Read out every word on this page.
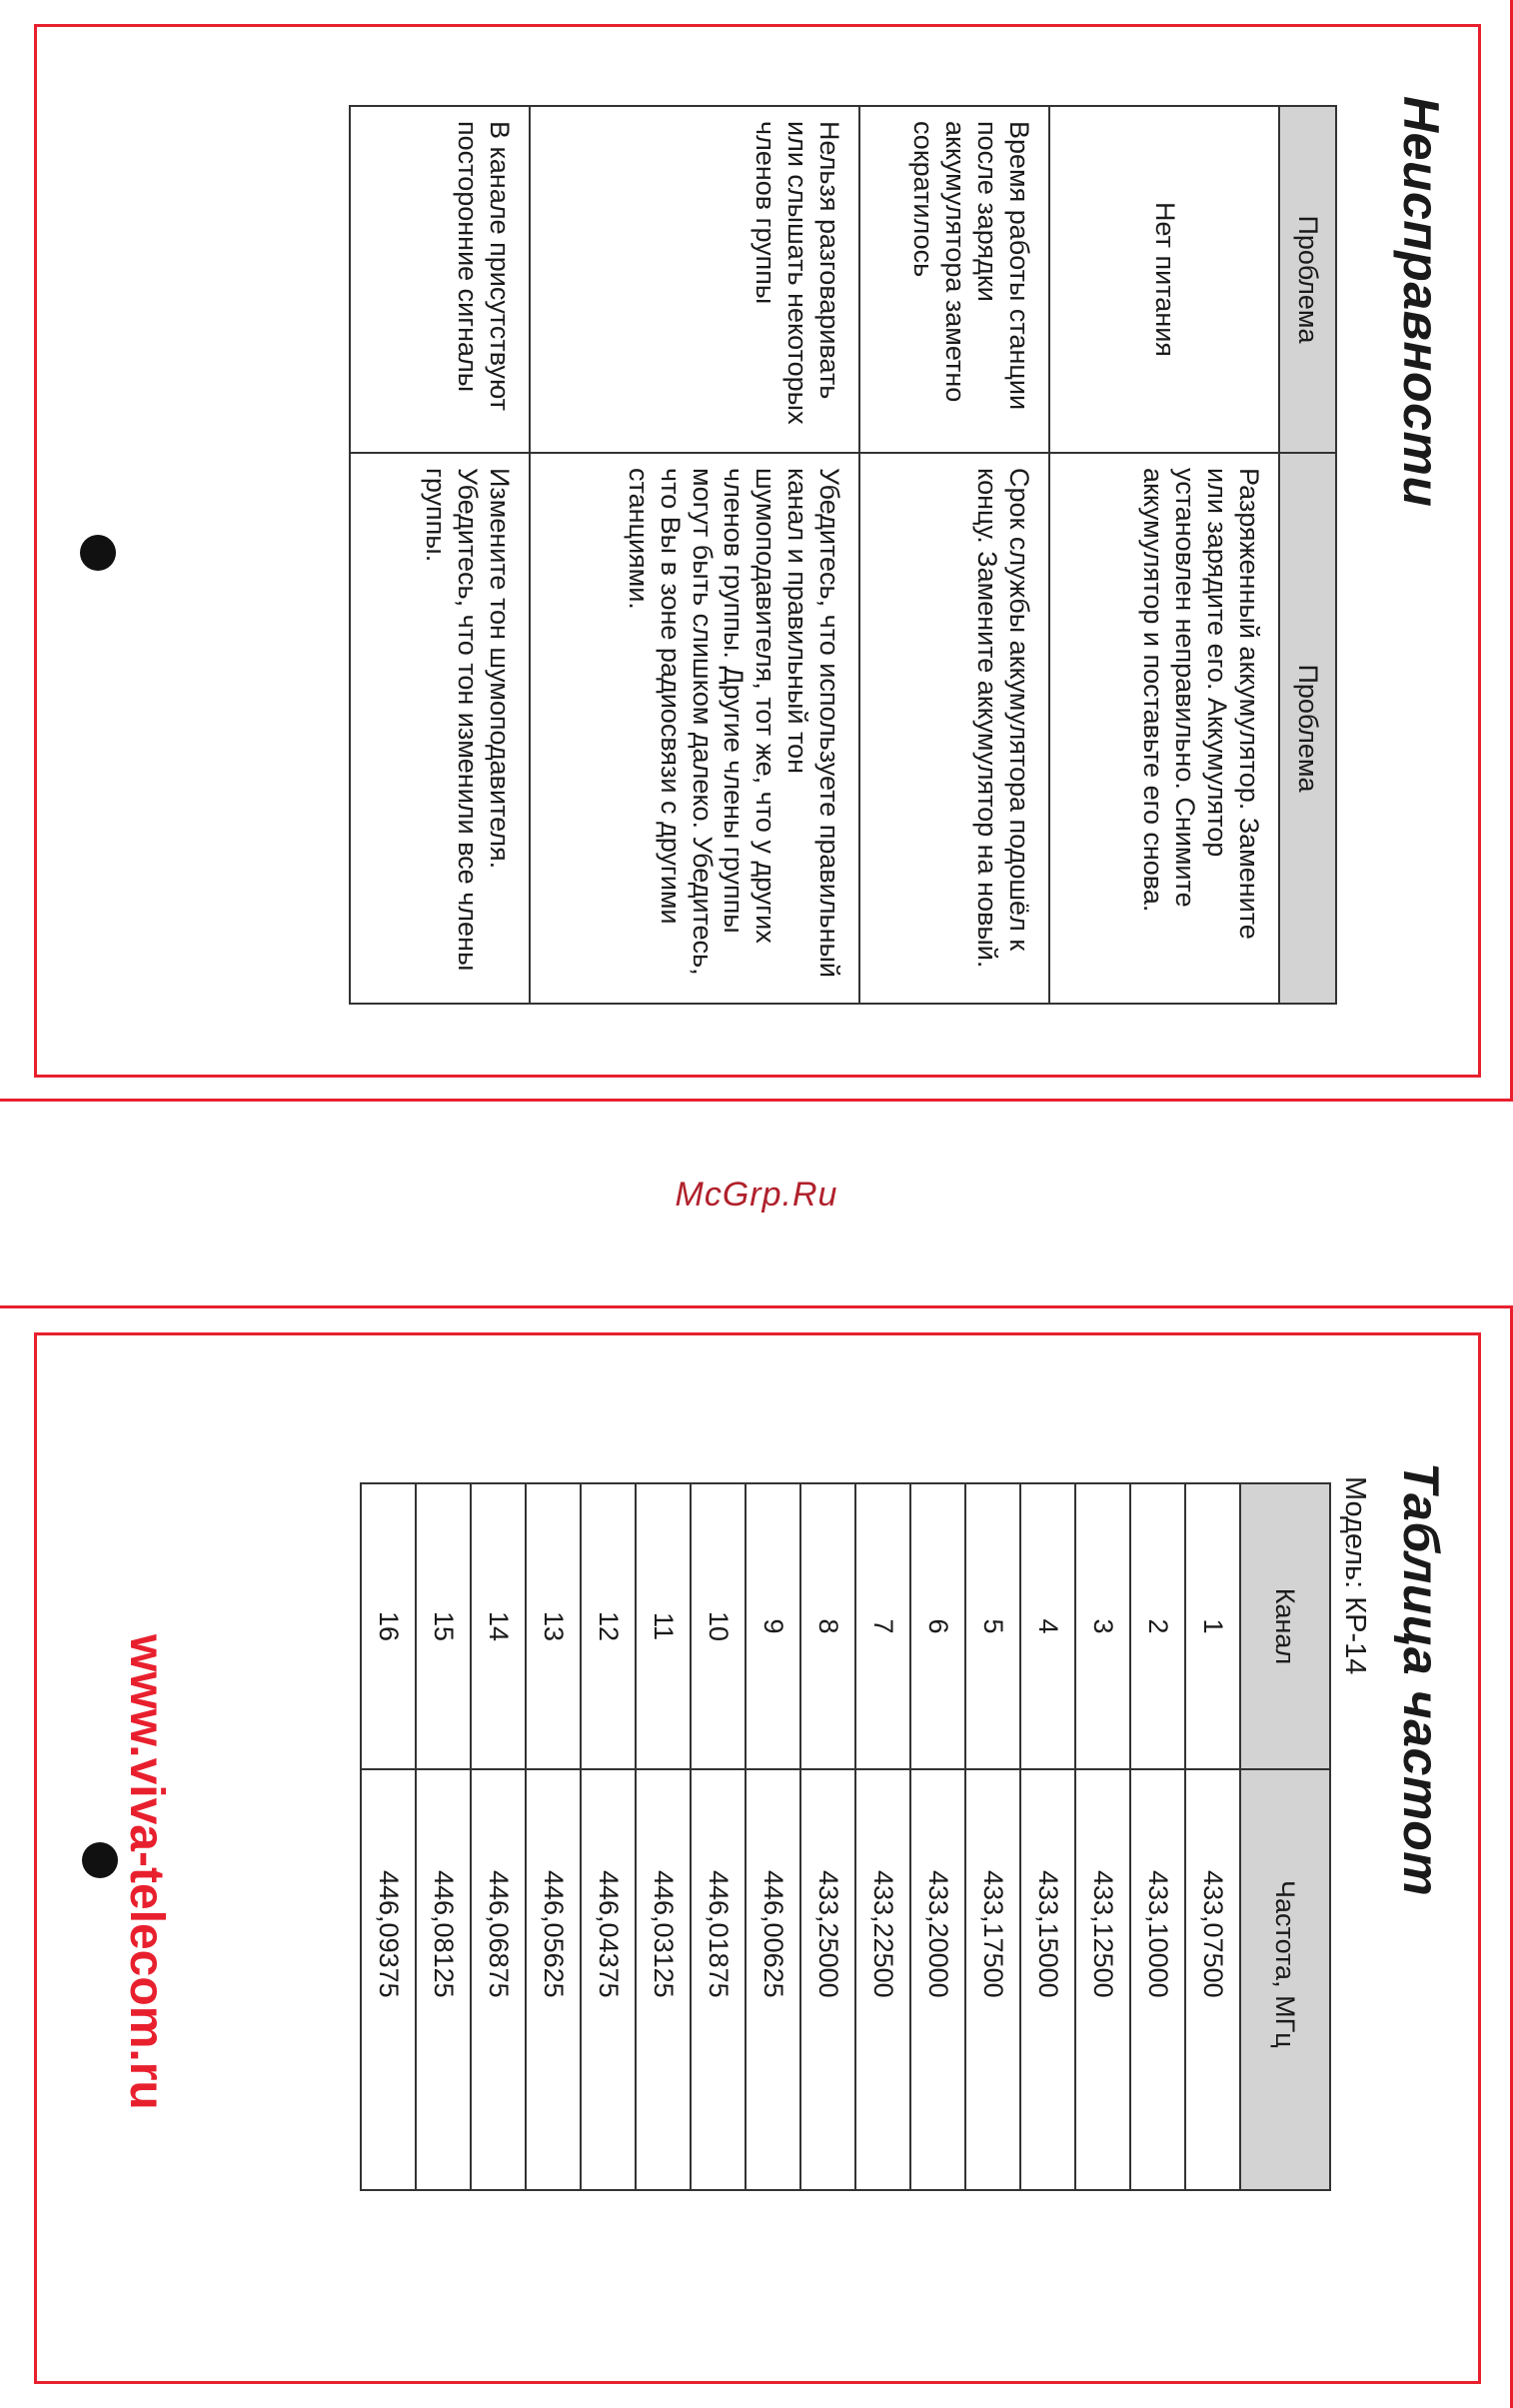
Неисправности
Проблема	Проблема
Нет питания	Разряженный аккумулятор. Замените или зарядите его. Аккумулятор установлен неправильно. Снимите аккумулятор и поставьте его снова.
Время работы станции после зарядки аккумулятора заметно сократилось	Срок службы аккумулятора подошёл к концу. Замените аккумулятор на новый.
Нельзя разговаривать или слышать некоторых членов группы	Убедитесь, что используете правильный канал и правильный тон шумоподавителя, тот же, что у других членов группы. Другие члены группы могут быть слишком далеко. Убедитесь, что Вы в зоне радиосвязи с другими станциями.
В канале присутствуют посторонние сигналы	Измените тон шумоподавителя. Убедитесь, что тон изменили все члены группы.
McGrp.Ru
Таблица частот
Модель: КР-14
Канал	Частота, МГц
1	433,07500
2	433,10000
3	433,12500
4	433,15000
5	433,17500
6	433,20000
7	433,22500
8	433,25000
9	446,00625
10	446,01875
11	446,03125
12	446,04375
13	446,05625
14	446,06875
15	446,08125
16	446,09375
www.viva-telecom.ru
